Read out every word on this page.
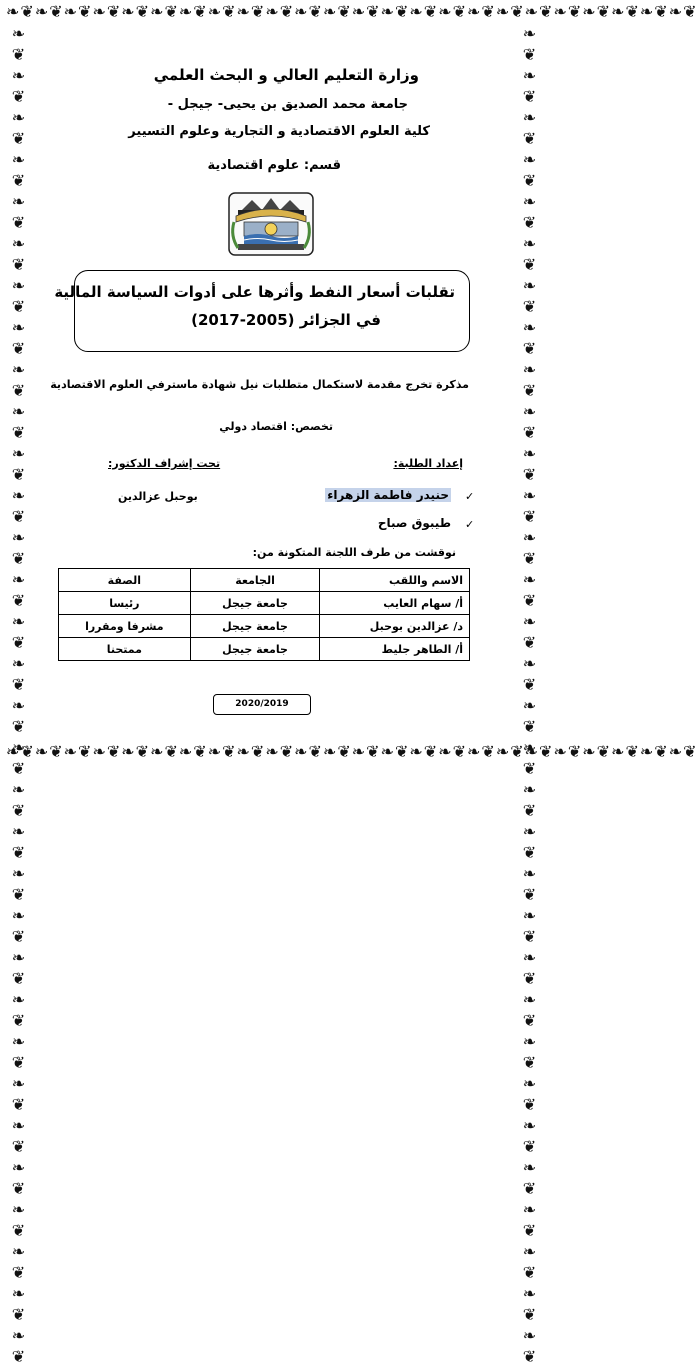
❧❦❧❦❧❦❧❦❧❦❧❦❧❦❧❦❧❦❧❦❧❦❧❦❧❦❧❦❧❦❧❦❧❦❧❦❧❦❧❦❧❦❧❦❧❦❧❦
❧❦❧❦❧❦❧❦❧❦❧❦❧❦❧❦❧❦❧❦❧❦❧❦❧❦❧❦❧❦❧❦❧❦❧❦❧❦❧❦❧❦❧❦❧❦❧❦
❧❦❧❦❧❦❧❦❧❦❧❦❧❦❧❦❧❦❧❦❧❦❧❦❧❦❧❦❧❦❧❦❧❦❧❦❧❦❧❦❧❦❧❦❧❦❧❦❧❦❧❦❧❦❧❦❧❦❧❦❧❦❧❦	❧❦❧❦❧❦❧❦❧❦❧❦❧❦❧❦❧❦❧❦❧❦❧❦❧❦❧❦❧❦❧❦❧❦❧❦❧❦❧❦❧❦❧❦❧❦❧❦❧❦❧❦❧❦❧❦❧❦❧❦❧❦❧❦
وزارة التعليم العالي و البحث العلمي
جامعة محمد الصديق بن يحيى- جيجل -
كلية العلوم الاقتصادية و التجارية وعلوم التسيير
قسم: علوم اقتصادية
تقلبات أسعار النفط وأثرها على أدوات السياسة المالية
في الجزائر (2005-2017)
مذكرة تخرج مقدمة لاستكمال متطلبات نيل شهادة ماسترفي العلوم الاقتصادية
تخصص: اقتصاد دولي
إعداد الطلبة:
تحت إشراف الدكتور:
✓
حنيدر فاطمة الزهراء
بوحبل عزالدين
✓
طيبوق صباح
نوقشت من طرف اللجنة المتكونة من:
الاسم واللقب	الجامعة	الصفة
أ/ سهام العايب	جامعة جيجل	رئيسا
د/ عزالدين بوحبل	جامعة جيجل	مشرفا ومقررا
أ/ الطاهر جليط	جامعة جيجل	ممتحنا
2020/2019
